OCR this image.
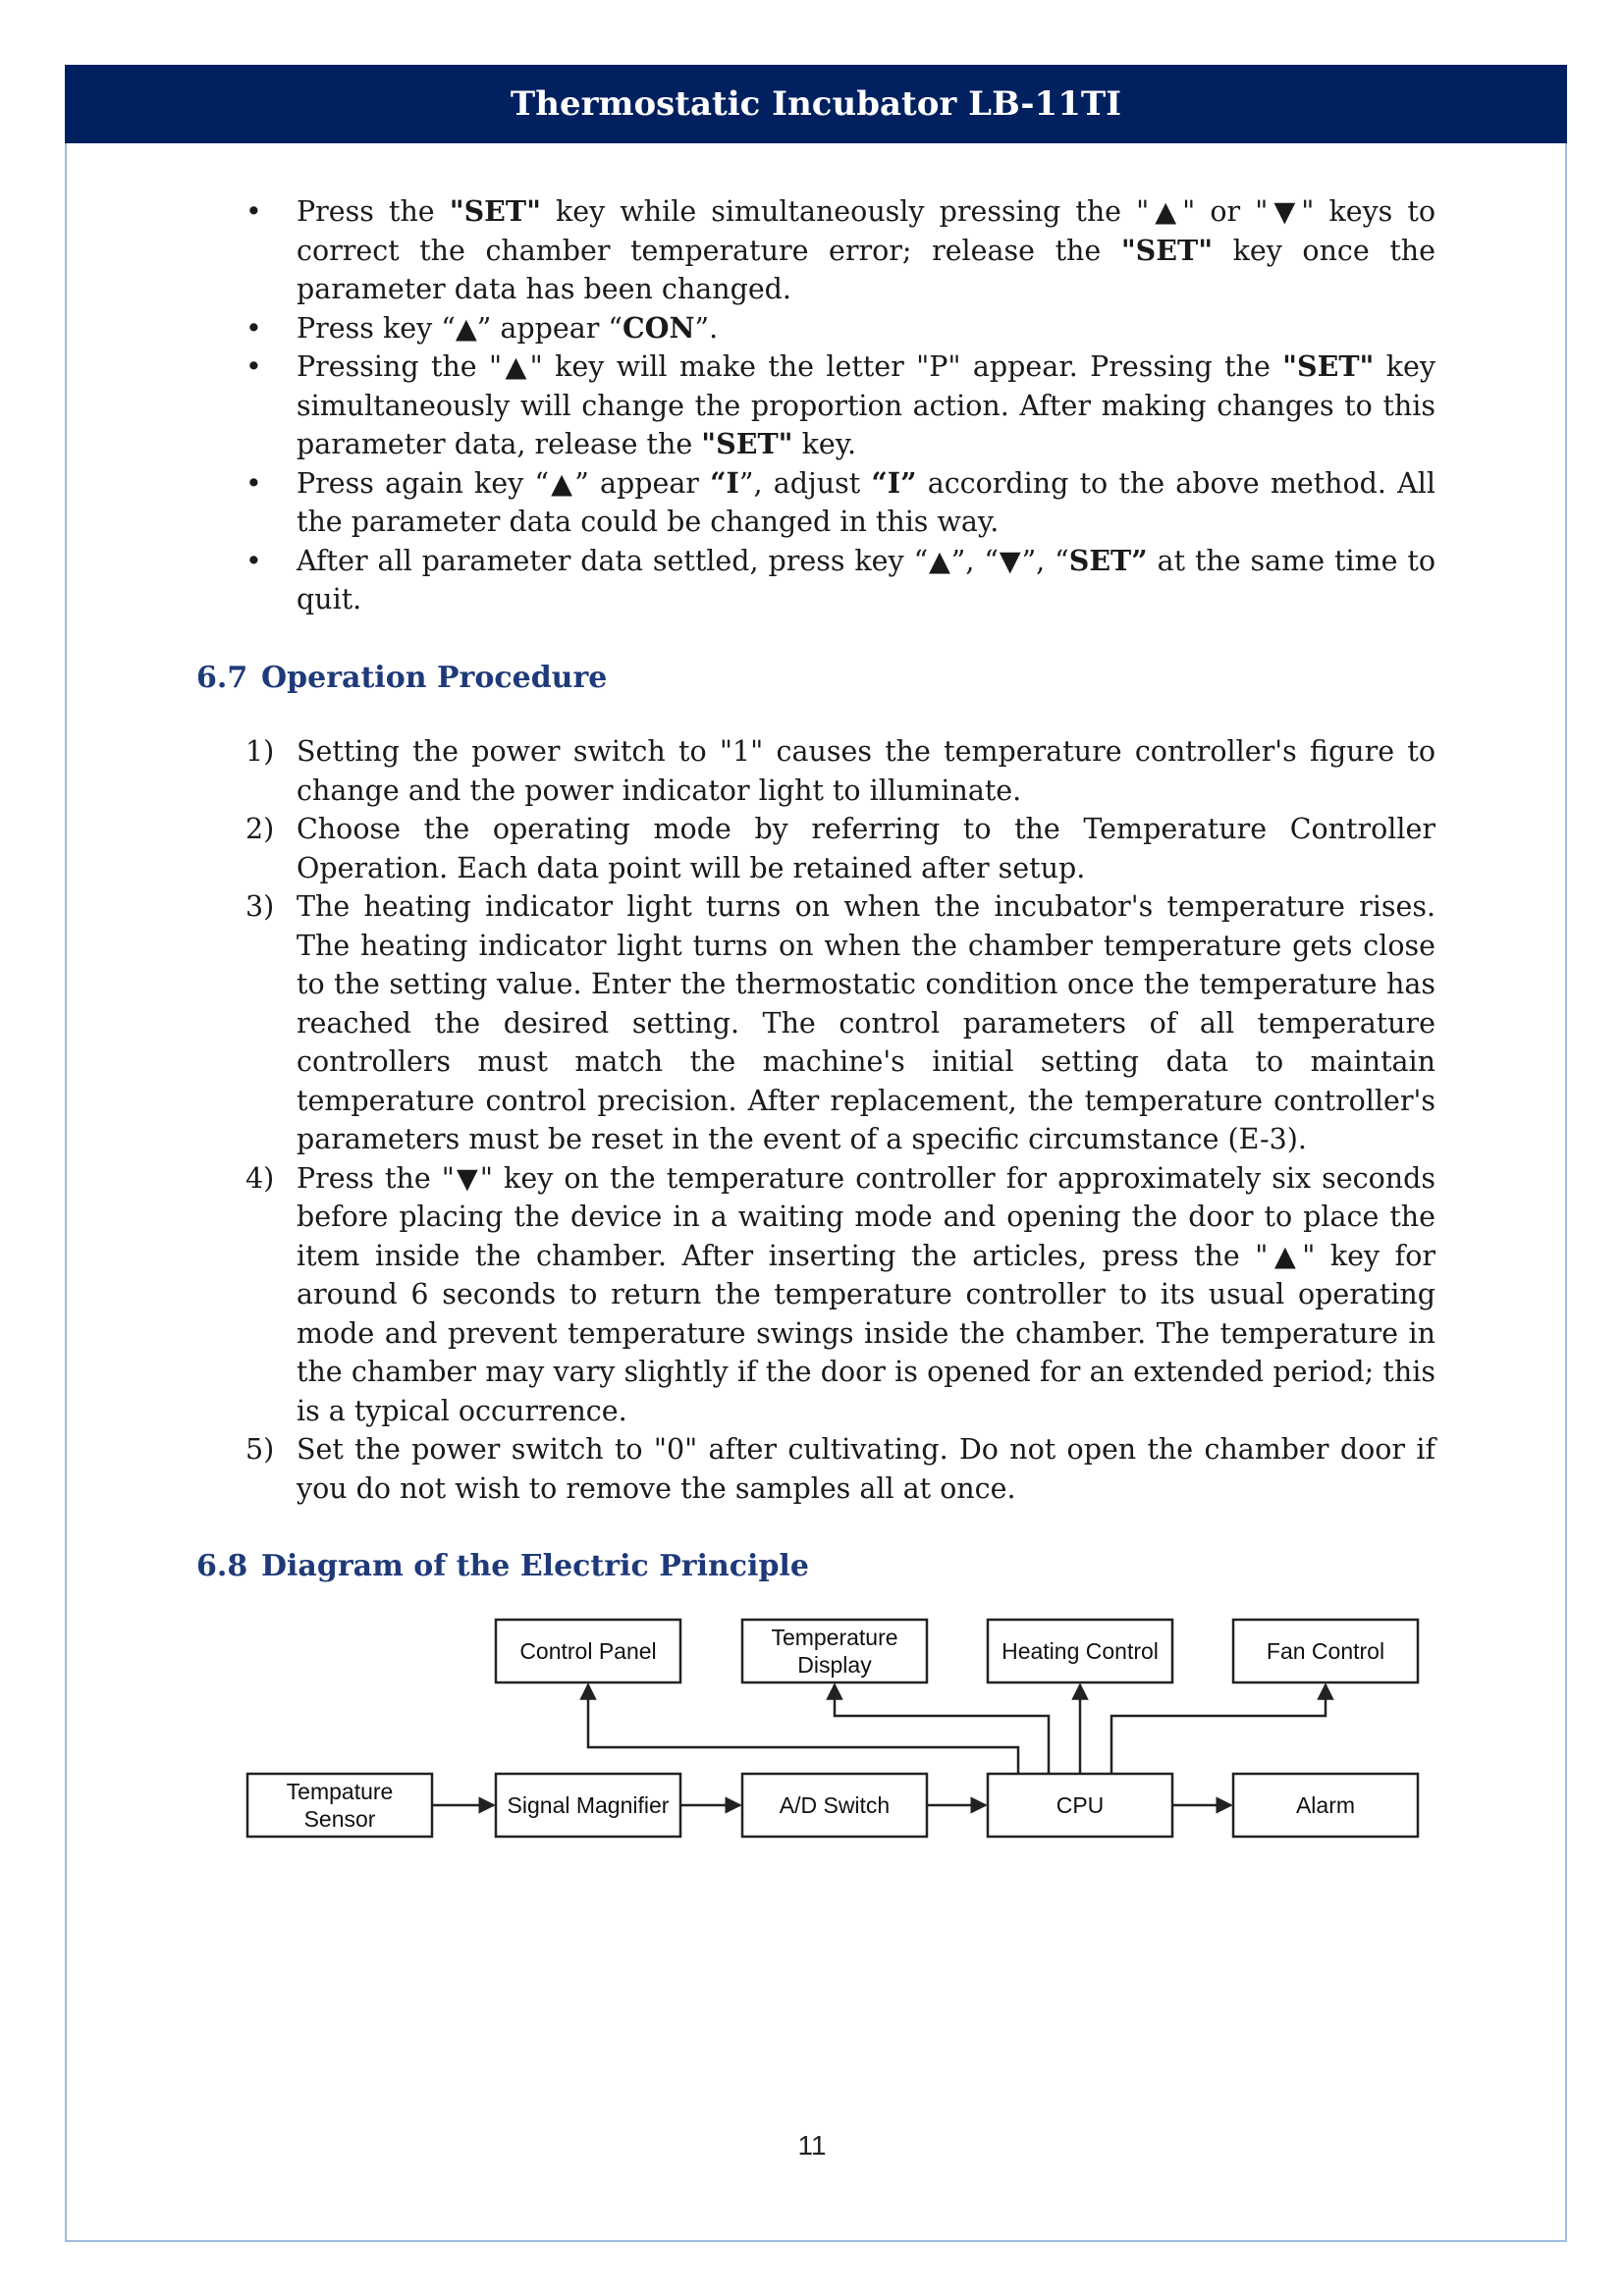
Thermostatic Incubator LB-11TI
• Press the "SET" key while simultaneously pressing the "▲" or "▼" keys to correct the chamber temperature error; release the "SET" key once the parameter data has been changed.
• Press key “▲” appear “CON”.
• Pressing the "▲" key will make the letter "P" appear. Pressing the "SET" key simultaneously will change the proportion action. After making changes to this parameter data, release the "SET" key.
• Press again key “▲” appear “I”, adjust “I” according to the above method. All the parameter data could be changed in this way.
• After all parameter data settled, press key “▲”, “▼”, “SET” at the same time to quit.
6.7 Operation Procedure
1) Setting the power switch to "1" causes the temperature controller's figure to change and the power indicator light to illuminate.
2) Choose the operating mode by referring to the Temperature Controller Operation. Each data point will be retained after setup.
3) The heating indicator light turns on when the incubator's temperature rises. The heating indicator light turns on when the chamber temperature gets close to the setting value. Enter the thermostatic condition once the temperature has reached the desired setting. The control parameters of all temperature controllers must match the machine's initial setting data to maintain temperature control precision. After replacement, the temperature controller's parameters must be reset in the event of a specific circumstance (E-3).
4) Press the "▼" key on the temperature controller for approximately six seconds before placing the device in a waiting mode and opening the door to place the item inside the chamber. After inserting the articles, press the "▲" key for around 6 seconds to return the temperature controller to its usual operating mode and prevent temperature swings inside the chamber. The temperature in the chamber may vary slightly if the door is opened for an extended period; this is a typical occurrence.
5) Set the power switch to "0" after cultivating. Do not open the chamber door if you do not wish to remove the samples all at once.
6.8 Diagram of the Electric Principle
Control Panel
Temperature
Display
Heating Control	Fan Control
Tempature
Sensor
Signal Magnifier	A/D Switch	CPU	Alarm
11
